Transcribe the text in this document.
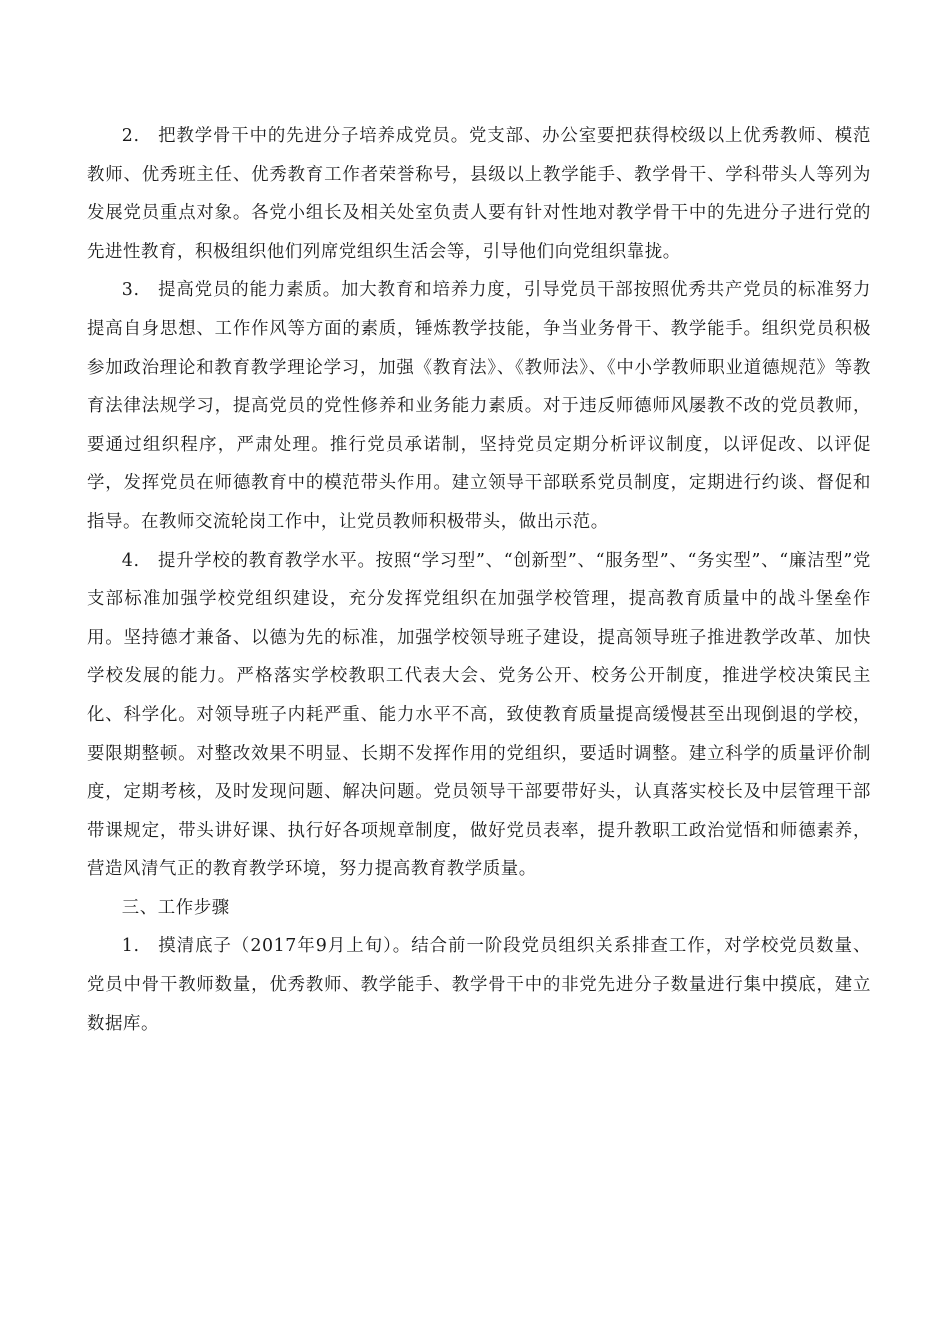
2. 把教学骨干中的先进分子培养成党员。党支部、办公室要把获得校级以上优秀教师、模范教师、优秀班主任、优秀教育工作者荣誉称号，县级以上教学能手、教学骨干、学科带头人等列为发展党员重点对象。各党小组长及相关处室负责人要有针对性地对教学骨干中的先进分子进行党的先进性教育，积极组织他们列席党组织生活会等，引导他们向党组织靠拢。

3. 提高党员的能力素质。加大教育和培养力度，引导党员干部按照优秀共产党员的标准努力提高自身思想、工作作风等方面的素质，锤炼教学技能，争当业务骨干、教学能手。组织党员积极参加政治理论和教育教学理论学习，加强《教育法》、《教师法》、《中小学教师职业道德规范》等教育法律法规学习，提高党员的党性修养和业务能力素质。对于违反师德师风屡教不改的党员教师，要通过组织程序，严肃处理。推行党员承诺制，坚持党员定期分析评议制度，以评促改、以评促学，发挥党员在师德教育中的模范带头作用。建立领导干部联系党员制度，定期进行约谈、督促和指导。在教师交流轮岗工作中，让党员教师积极带头，做出示范。

4. 提升学校的教育教学水平。按照“学习型”、“创新型”、“服务型”、“务实型”、“廉洁型”党支部标准加强学校党组织建设，充分发挥党组织在加强学校管理，提高教育质量中的战斗堡垒作用。坚持德才兼备、以德为先的标准，加强学校领导班子建设，提高领导班子推进教学改革、加快学校发展的能力。严格落实学校教职工代表大会、党务公开、校务公开制度，推进学校决策民主化、科学化。对领导班子内耗严重、能力水平不高，致使教育质量提高缓慢甚至出现倒退的学校，要限期整顿。对整改效果不明显、长期不发挥作用的党组织，要适时调整。建立科学的质量评价制度，定期考核，及时发现问题、解决问题。党员领导干部要带好头，认真落实校长及中层管理干部带课规定，带头讲好课、执行好各项规章制度，做好党员表率，提升教职工政治觉悟和师德素养，营造风清气正的教育教学环境，努力提高教育教学质量。

三、工作步骤

1. 摸清底子（2017年9月上旬）。结合前一阶段党员组织关系排查工作，对学校党员数量、党员中骨干教师数量，优秀教师、教学能手、教学骨干中的非党先进分子数量进行集中摸底，建立数据库。
